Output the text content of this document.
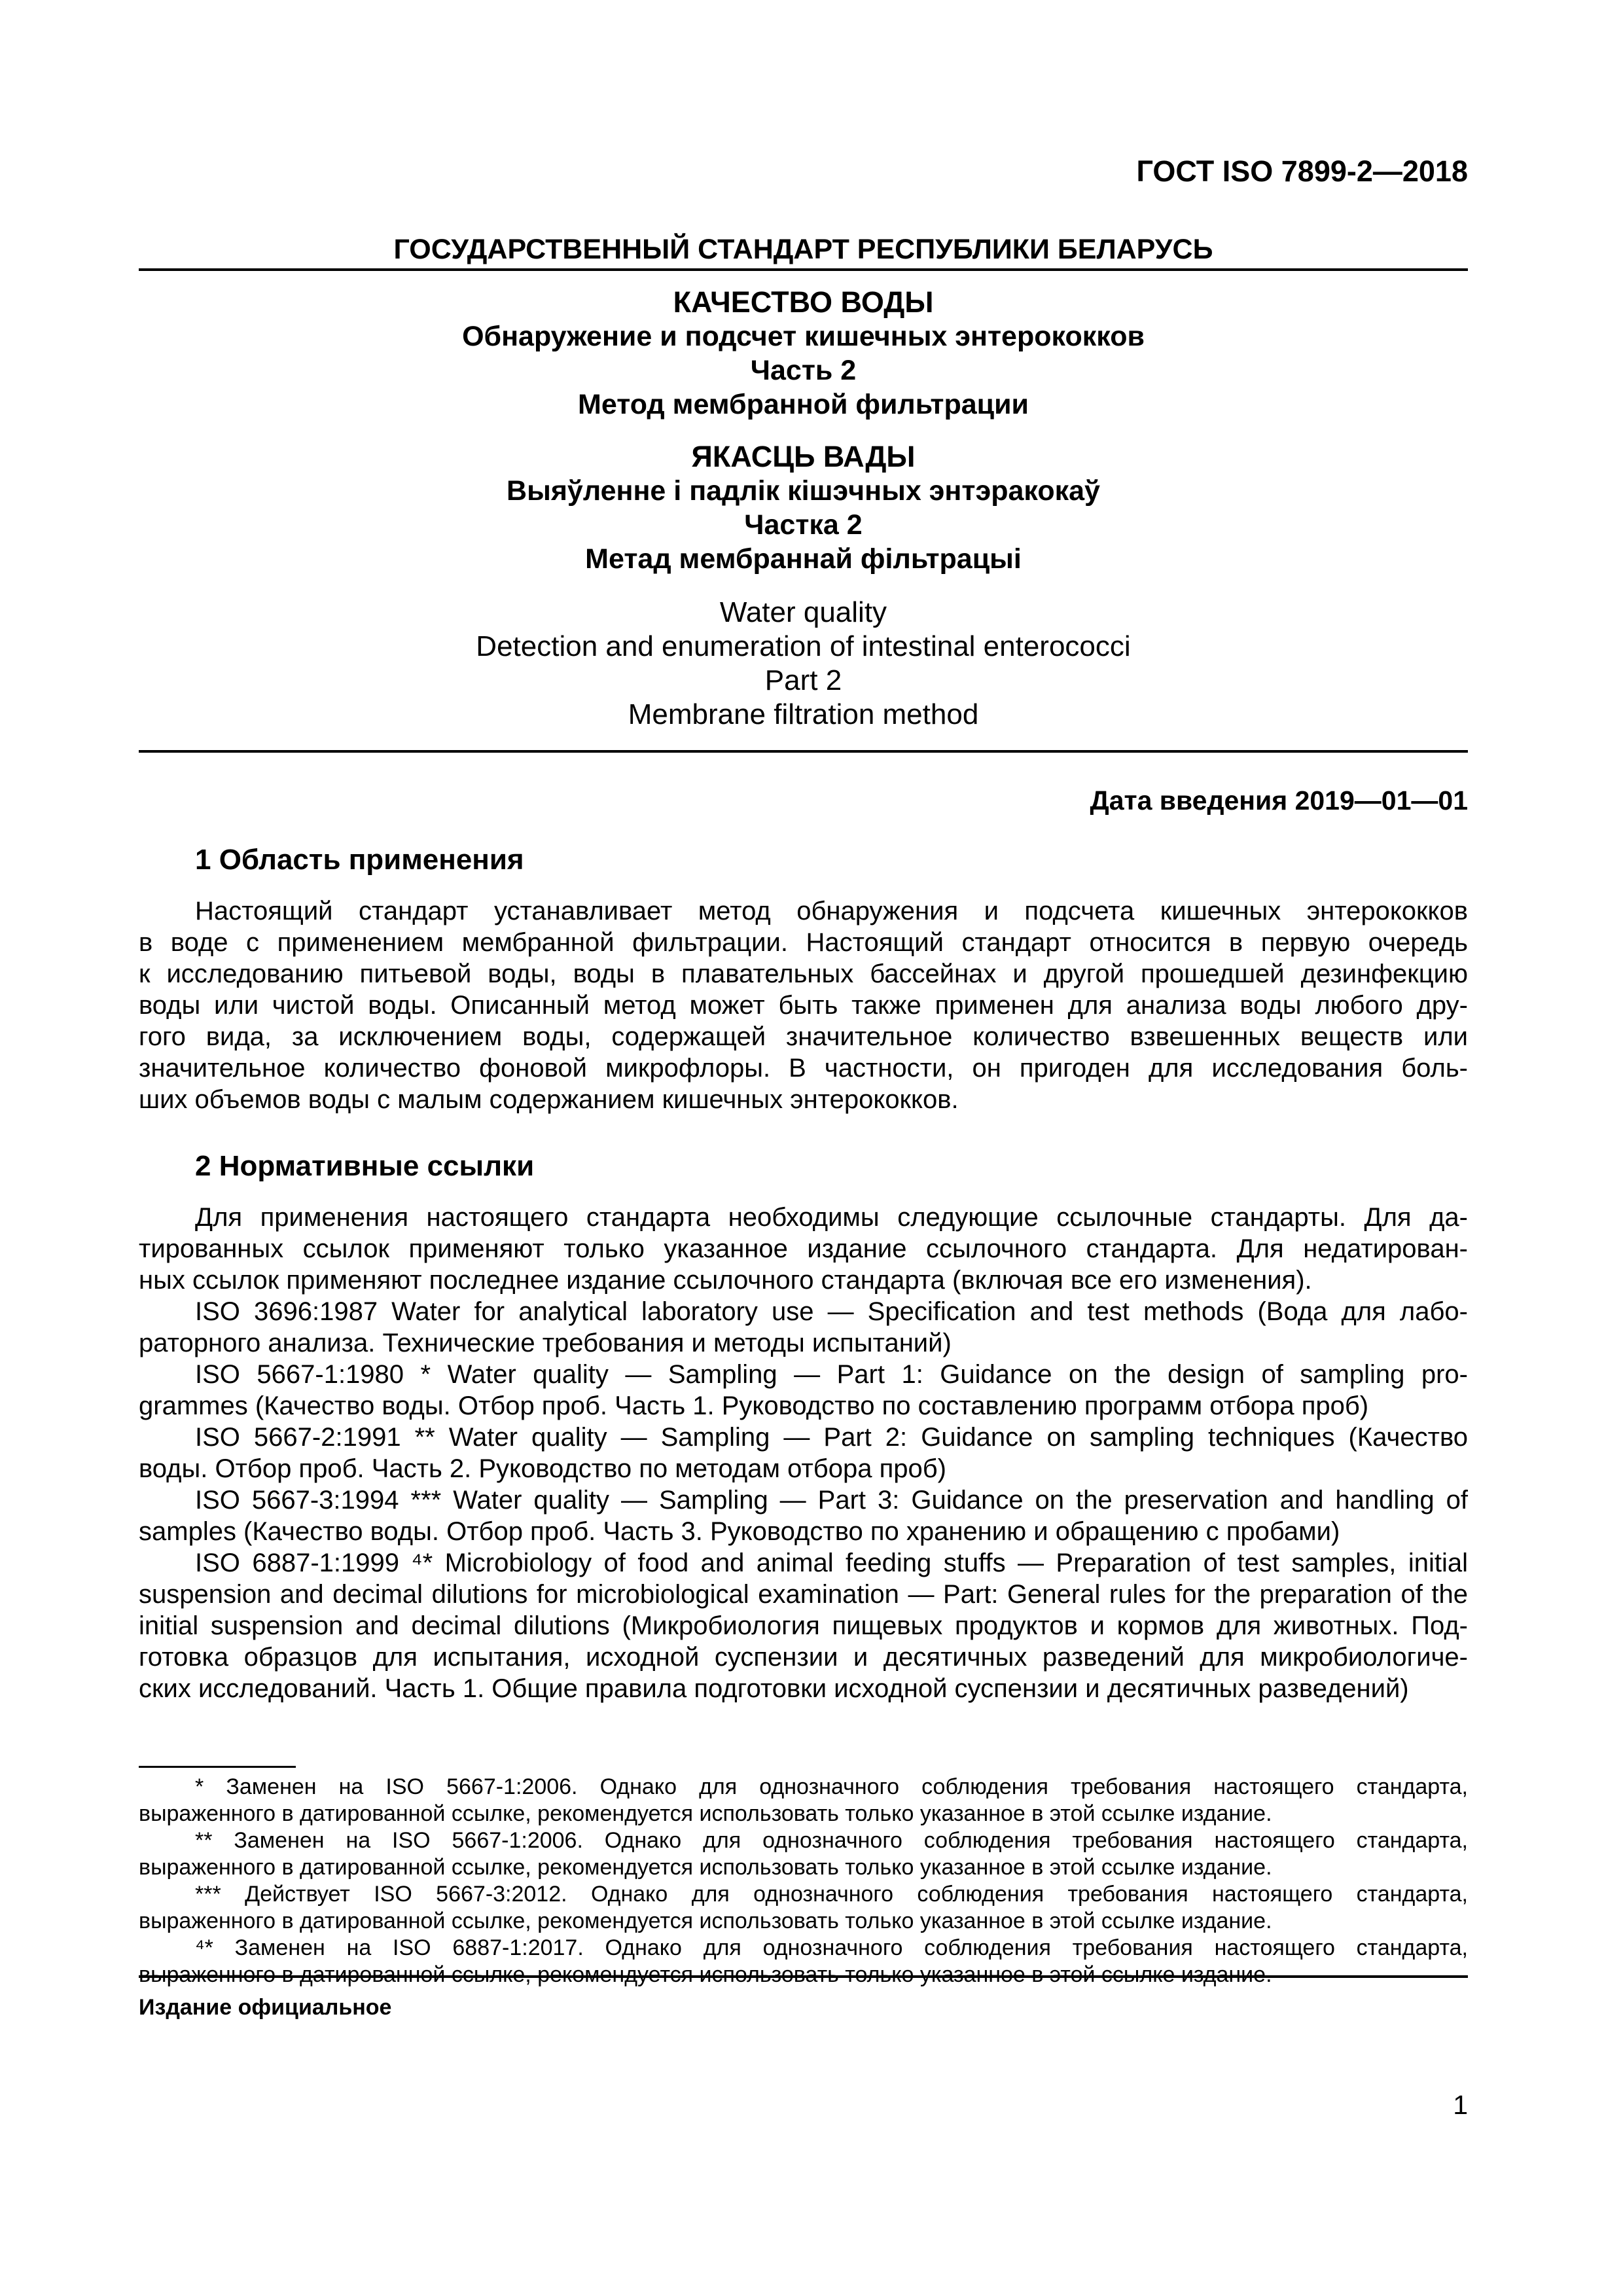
ГОСТ ISO 7899-2—2018
ГОСУДАРСТВЕННЫЙ СТАНДАРТ РЕСПУБЛИКИ БЕЛАРУСЬ
КАЧЕСТВО ВОДЫ
Обнаружение и подсчет кишечных энтерококков
Часть 2
Метод мембранной фильтрации
ЯКАСЦЬ ВАДЫ
Выяўленне і падлік кішэчных энтэракокаў
Частка 2
Метад мембраннай фільтрацыі
Water quality
Detection and enumeration of intestinal enterococci
Part 2
Membrane filtration method
Дата введения 2019—01—01
1 Область применения
Настоящий стандарт устанавливает метод обнаружения и подсчета кишечных энтерококков
в воде с применением мембранной фильтрации. Настоящий стандарт относится в первую очередь
к исследованию питьевой воды, воды в плавательных бассейнах и другой прошедшей дезинфекцию
воды или чистой воды. Описанный метод может быть также применен для анализа воды любого дру-
гого вида, за исключением воды, содержащей значительное количество взвешенных веществ или
значительное количество фоновой микрофлоры. В частности, он пригоден для исследования боль-
ших объемов воды с малым содержанием кишечных энтерококков.
2 Нормативные ссылки
Для применения настоящего стандарта необходимы следующие ссылочные стандарты. Для да-
тированных ссылок применяют только указанное издание ссылочного стандарта. Для недатирован-
ных ссылок применяют последнее издание ссылочного стандарта (включая все его изменения).
ISO 3696:1987 Water for analytical laboratory use — Specification and test methods (Вода для лабо-
раторного анализа. Технические требования и методы испытаний)
ISO 5667-1:1980 * Water quality — Sampling — Part 1: Guidance on the design of sampling pro-
grammes (Качество воды. Отбор проб. Часть 1. Руководство по составлению программ отбора проб)
ISO 5667-2:1991 ** Water quality — Sampling — Part 2: Guidance on sampling techniques (Качество
воды. Отбор проб. Часть 2. Руководство по методам отбора проб)
ISO 5667-3:1994 *** Water quality — Sampling — Part 3: Guidance on the preservation and handling of
samples (Качество воды. Отбор проб. Часть 3. Руководство по хранению и обращению с пробами)
ISO 6887-1:1999 ⁴* Microbiology of food and animal feeding stuffs — Preparation of test samples, initial
suspension and decimal dilutions for microbiological examination — Part: General rules for the preparation of the
initial suspension and decimal dilutions (Микробиология пищевых продуктов и кормов для животных. Под-
готовка образцов для испытания, исходной суспензии и десятичных разведений для микробиологиче-
ских исследований. Часть 1. Общие правила подготовки исходной суспензии и десятичных разведений)
* Заменен на ISO 5667-1:2006. Однако для однозначного соблюдения требования настоящего стандарта,
выраженного в датированной ссылке, рекомендуется использовать только указанное в этой ссылке издание.
** Заменен на ISO 5667-1:2006. Однако для однозначного соблюдения требования настоящего стандарта,
выраженного в датированной ссылке, рекомендуется использовать только указанное в этой ссылке издание.
*** Действует ISO 5667-3:2012. Однако для однозначного соблюдения требования настоящего стандарта,
выраженного в датированной ссылке, рекомендуется использовать только указанное в этой ссылке издание.
⁴* Заменен на ISO 6887-1:2017. Однако для однозначного соблюдения требования настоящего стандарта,
выраженного в датированной ссылке, рекомендуется использовать только указанное в этой ссылке издание.
Издание официальное
1
